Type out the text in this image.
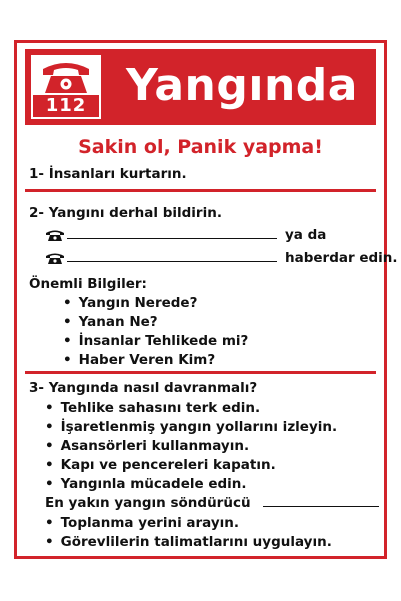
112 Yangında
Sakin ol, Panik yapma!
1- İnsanları kurtarın.
2- Yangını derhal bildirin.
ya da
haberdar edin.
Önemli Bilgiler:
• Yangın Nerede?
• Yanan Ne?
• İnsanlar Tehlikede mi?
• Haber Veren Kim?
3- Yangında nasıl davranmalı?
• Tehlike sahasını terk edin.
• İşaretlenmiş yangın yollarını izleyin.
• Asansörleri kullanmayın.
• Kapı ve pencereleri kapatın.
• Yangınla mücadele edin.
En yakın yangın söndürücü
• Toplanma yerini arayın.
• Görevlilerin talimatlarını uygulayın.
